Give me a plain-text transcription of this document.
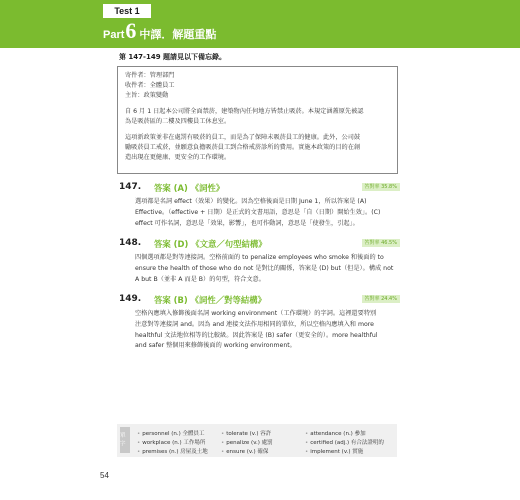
Test 1
Part 6 中譯．解題重點
第 147-149 題請見以下備忘錄。
寄件者：管理部門
收件者：全體員工
主旨：政策變動
自 6 月 1 日起本公司將全面禁菸，建築物內任何地方皆禁止吸菸。本規定涵蓋原先被認
為是吸菸區的二樓及四樓員工休息室。
這項新政策並非在處罰有吸菸的員工，而是為了保障未吸菸員工的健康。此外，公司鼓
勵吸菸員工戒菸，並願意負擔吸菸員工到合格戒菸診所的費用。實施本政策的目的在創
造出現在更健康、更安全的工作環境。
147. 答案 (A) 《詞性》	答對率 35.8%
選項都是名詞 effect（效果）的變化。因為空格後面是日期 June 1，所以答案是 (A)
Effective。（effective + 日期）是正式的文書用語，意思是「自（日期）開始生效」。(C)
effect 可作名詞，意思是「效果，影響」，也可作動詞，意思是「使發生，引起」。
148. 答案 (D) 《文意／句型結構》	答對率 46.5%
四個選項都是對等連接詞。空格前面的 to penalize employees who smoke 和後面的 to
ensure the health of those who do not 是對比的關係，答案是 (D) but（但是）。構成 not
A but B（並非 A 而是 B）的句型，符合文意。
149. 答案 (B) 《詞性／對等結構》	答對率 24.4%
空格內應填入修飾後面名詞 working environment（工作環境）的字詞。這裡還要特別
注意對等連接詞 and。因為 and 連接文法作用相同的單位，所以空格內應填入和 more
healthful 文法地位相等的比較級。因此答案是 (B) safer（更安全的）。more healthful
and safer 整個用來修飾後面的 working environment。
單字
• personnel (n.) 全體員工	• tolerate (v.) 容許	• attendance (n.) 參加
• workplace (n.) 工作場所	• penalize (v.) 處罰	• certified (adj.) 有合法證明的
• premises (n.) 房屋及土地	• ensure (v.) 確保	• implement (v.) 實施
54
